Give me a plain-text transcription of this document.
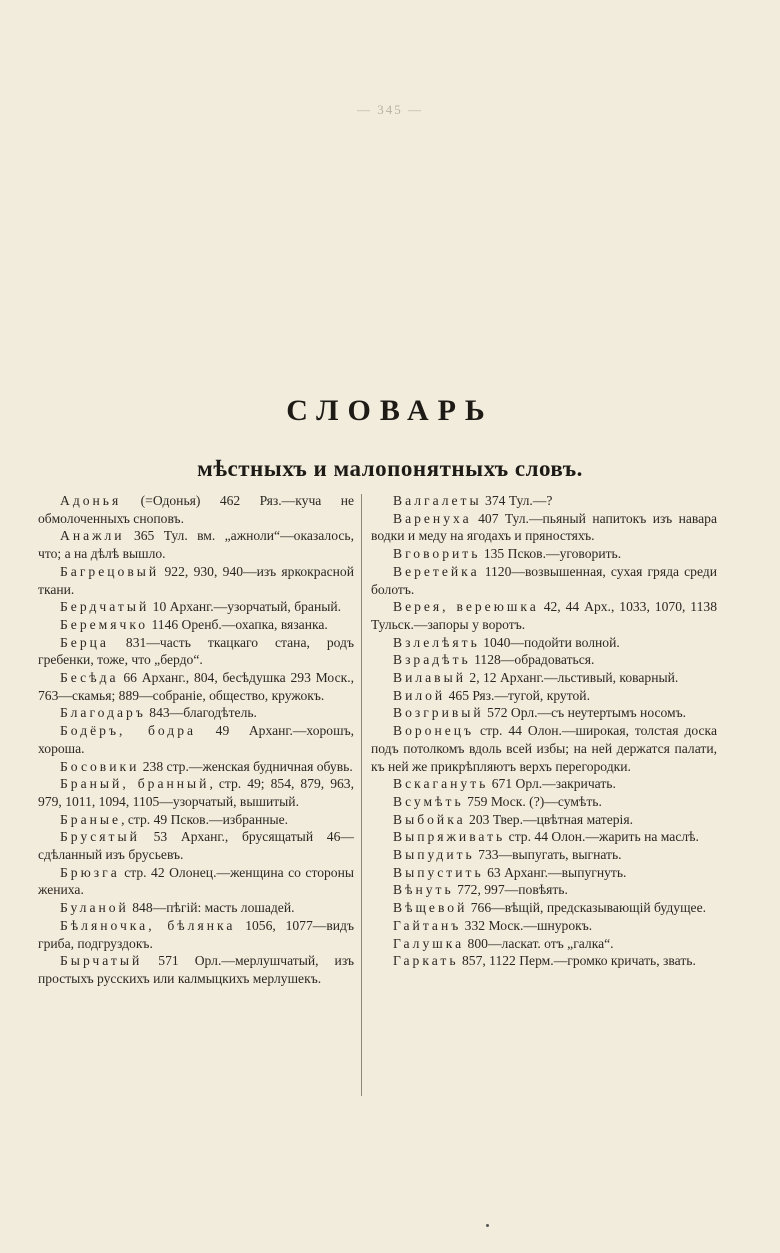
— 345 —
СЛОВАРЬ
мѣстныхъ и малопонятныхъ словъ.

Адонья (=Одонья) 462 Ряз.—куча не обмолоченныхъ сноповъ.

Анажли 365 Тул. вм. „ажноли“—оказалось, что; а на дѣлѣ вышло.

Багрецовый 922, 930, 940—изъ яркокрасной ткани.

Бердчатый 10 Арханг.—узорчатый, браный.

Беремячко 1146 Оренб.—охапка, вязанка.

Берца 831—часть ткацкаго стана, родъ гребенки, тоже, что „бердо“.

Бесѣда 66 Арханг., 804, бесѣдушка 293 Моск., 763—скамья; 889—собраніе, общество, кружокъ.

Благодаръ 843—благодѣтель.

Бодёръ, бодра 49 Арханг.—хорошъ, хороша.

Босовики 238 стр.—женская будничная обувь.

Браный, бранный, стр. 49; 854, 879, 963, 979, 1011, 1094, 1105—узорчатый, вышитый.

Браные, стр. 49 Псков.—избранные.

Брусятый 53 Арханг., брусящатый 46—сдѣланный изъ брусьевъ.

Брюзга стр. 42 Олонец.—женщина со стороны жениха.

Буланой 848—пѣгій: масть лошадей.

Бѣляночка, бѣлянка 1056, 1077—видъ гриба, подгруздокъ.

Бырчатый 571 Орл.—мерлушчатый, изъ простыхъ русскихъ или калмыцкихъ мерлушекъ.

Валгалеты 374 Тул.—?

Варенуха 407 Тул.—пьяный напитокъ изъ навара водки и меду на ягодахъ и пряностяхъ.

Вговорить 135 Псков.—уговорить.

Веретейка 1120—возвышенная, сухая гряда среди болотъ.

Верея, вереюшка 42, 44 Арх., 1033, 1070, 1138 Тульск.—запоры у воротъ.

Взлелѣять 1040—подойти волной.

Взрадѣть 1128—обрадоваться.

Вилавый 2, 12 Арханг.—льстивый, коварный.

Вилой 465 Ряз.—тугой, крутой.

Возгривый 572 Орл.—съ неутертымъ носомъ.

Воронецъ стр. 44 Олон.—широкая, толстая доска подъ потолкомъ вдоль всей избы; на ней держатся палати, къ ней же прикрѣпляютъ верхъ перегородки.

Вскагануть 671 Орл.—закричать.

Всумѣть 759 Моск. (?)—сумѣть.

Выбойка 203 Твер.—цвѣтная матерія.

Выпряживать стр. 44 Олон.—жарить на маслѣ.

Выпудить 733—выпугать, выгнать.

Выпустить 63 Арханг.—выпугнуть.

Вѣнуть 772, 997—повѣять.

Вѣщевой 766—вѣщій, предсказывающій будущее.

Гайтанъ 332 Моск.—шнурокъ.

Галушка 800—ласкат. отъ „галка“.

Гаркать 857, 1122 Перм.—громко кричать, звать.
